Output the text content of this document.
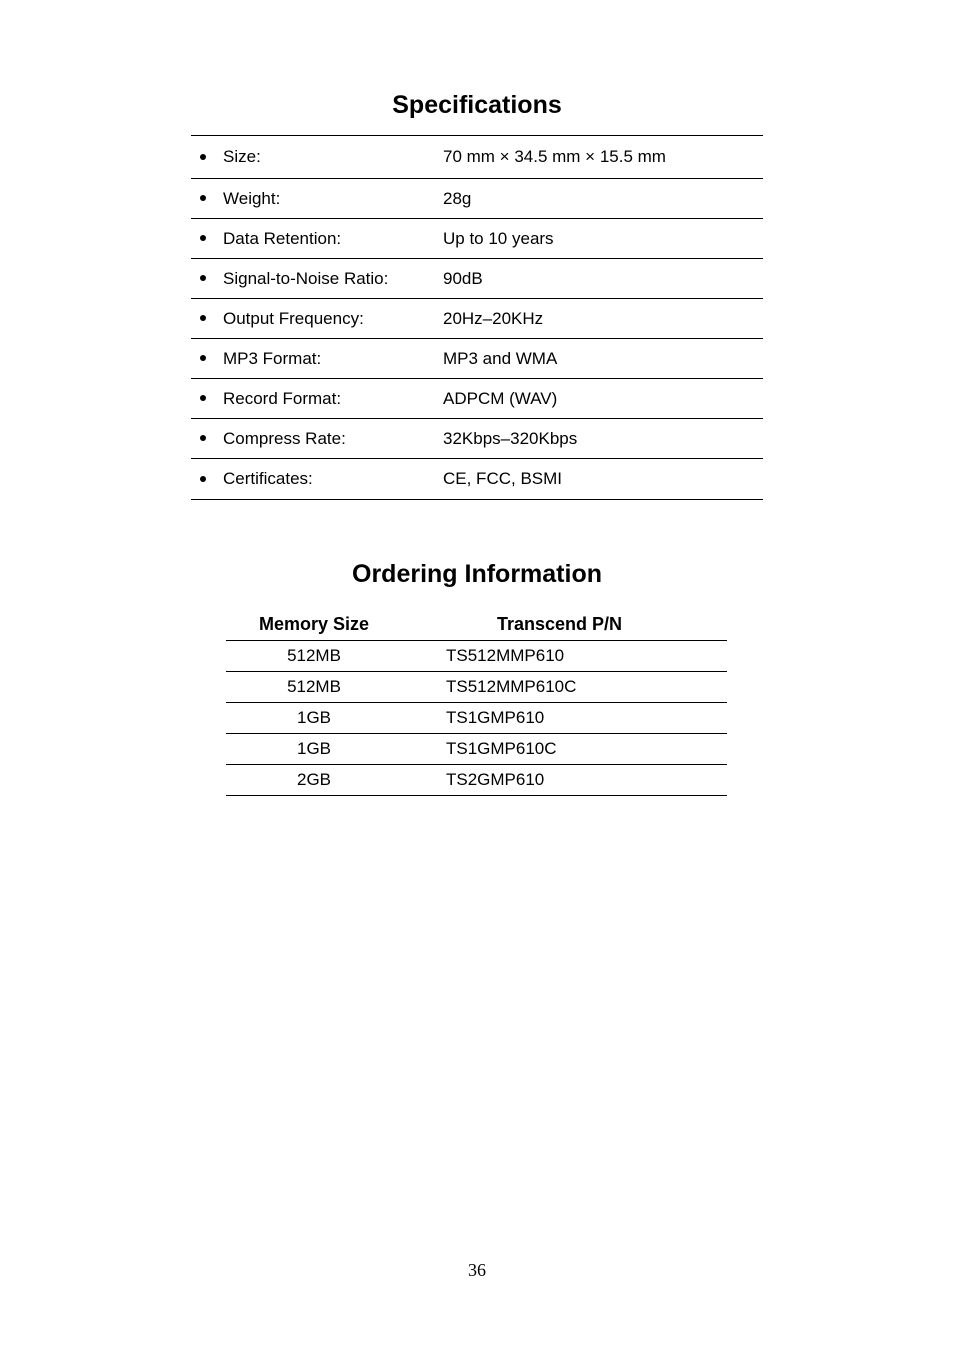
Specifications
	Size:	70 mm × 34.5 mm × 15.5 mm
	Weight:	28g
	Data Retention:	Up to 10 years
	Signal-to-Noise Ratio:	90dB
	Output Frequency:	20Hz–20KHz
	MP3 Format:	MP3 and WMA
	Record Format:	ADPCM (WAV)
	Compress Rate:	32Kbps–320Kbps
	Certificates:	CE, FCC, BSMI
Ordering Information
Memory Size	Transcend P/N
512MB	TS512MMP610
512MB	TS512MMP610C
1GB	TS1GMP610
1GB	TS1GMP610C
2GB	TS2GMP610
36
